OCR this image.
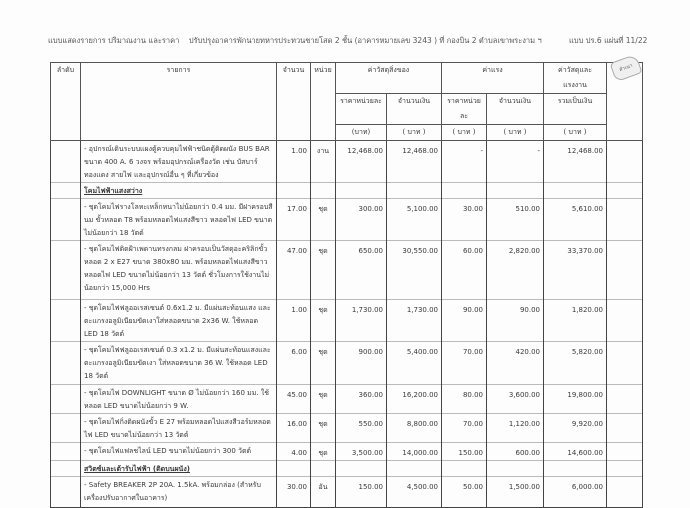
แบบแสดงรายการ ปริมาณงาน และราคา ปรับปรุงอาคารพักนายทหารประทวนชายโสด 2 ชั้น (อาคารหมายเลข 3243 ) ที่ กองบิน 2 ตำบลเขาพระงาม ฯ	แบบ ปร.6 แผ่นที่ 11/22
ลำดับ	รายการ	จำนวน	หน่วย	ค่าวัสดุสิ่งของ		ค่าแรง		ค่าวัสดุและแรงงาน	
				ราคาหน่วยละ	จำนวนเงิน	ราคาหน่วยละ	จำนวนเงิน	รวมเป็นเงิน	
				(บาท)	( บาท )	( บาท )	( บาท )	( บาท )	
	- อุปกรณ์เดินระบบแผงตู้ควบคุมไฟฟ้าชนิดตู้ติดผนัง BUS BAR ขนาด 400 A. 6 วงจร พร้อมอุปกรณ์เครื่องวัด เช่น บัสบาร์ทองแดง สายไฟ และอุปกรณ์อื่น ๆ ที่เกี่ยวข้อง	1.00	งาน	12,468.00	12,468.00	-	-	12,468.00	
	โคมไฟฟ้าแสงสว่าง								
	- ชุดโคมไฟรางโลหะเหล็กหนาไม่น้อยกว่า 0.4 มม. มีฝาครอบสีนม ขั้วหลอด T8 พร้อมหลอดไฟแสงสีขาว หลอดไฟ LED ขนาดไม่น้อยกว่า 18 วัตต์	17.00	ชุด	300.00	5,100.00	30.00	510.00	5,610.00	
	- ชุดโคมไฟติดฝ้าเพดานทรงกลม ฝาครอบเป็นวัสดุอะคริลิกขั้วหลอด 2 x E27 ขนาด 380x80 มม. พร้อมหลอดไฟแสงสีขาว หลอดไฟ LED ขนาดไม่น้อยกว่า 13 วัตต์ ชั่วโมงการใช้งานไม่น้อยกว่า 15,000 Hrs	47.00	ชุด	650.00	30,550.00	60.00	2,820.00	33,370.00	
	- ชุดโคมไฟฟลูออเรสเซนต์ 0.6x1.2 ม. มีแผ่นสะท้อนแสง และตะแกรงอลูมิเนียมขัดเงาใส่หลอดขนาด 2x36 W. ใช้หลอด LED 18 วัตต์	1.00	ชุด	1,730.00	1,730.00	90.00	90.00	1,820.00	
	- ชุดโคมไฟฟลูออเรสเซนต์ 0.3 x1.2 ม. มีแผ่นสะท้อนแสงและตะแกรงอลูมิเนียมขัดเงา ใส่หลอดขนาด 36 W. ใช้หลอด LED 18 วัตต์	6.00	ชุด	900.00	5,400.00	70.00	420.00	5,820.00	
	- ชุดโคมไฟ DOWNLIGHT ขนาด Ø ไม่น้อยกว่า 160 มม. ใช้หลอด LED ขนาดไม่น้อยกว่า 9 W.	45.00	ชุด	360.00	16,200.00	80.00	3,600.00	19,800.00	
	- ชุดโคมไฟกิ่งติดผนังขั้ว E 27 พร้อมหลอดไปแสงสีวอร์มหลอดไฟ LED ขนาดไม่น้อยกว่า 13 วัตต์	16.00	ชุด	550.00	8,800.00	70.00	1,120.00	9,920.00	
	- ชุดโคมไฟแฟลชไลน์ LED ขนาดไม่น้อยกว่า 300 วัตต์	4.00	ชุด	3,500.00	14,000.00	150.00	600.00	14,600.00	
	สวิตซ์และเต้ารับไฟฟ้า (ติดบนผนัง)								
	- Safety BREAKER 2P 20A. 1.5kA. พร้อมกล่อง (สำหรับเครื่องปรับอากาศในอาคาร)	30.00	อัน	150.00	4,500.00	50.00	1,500.00	6,000.00	
สำเนา
